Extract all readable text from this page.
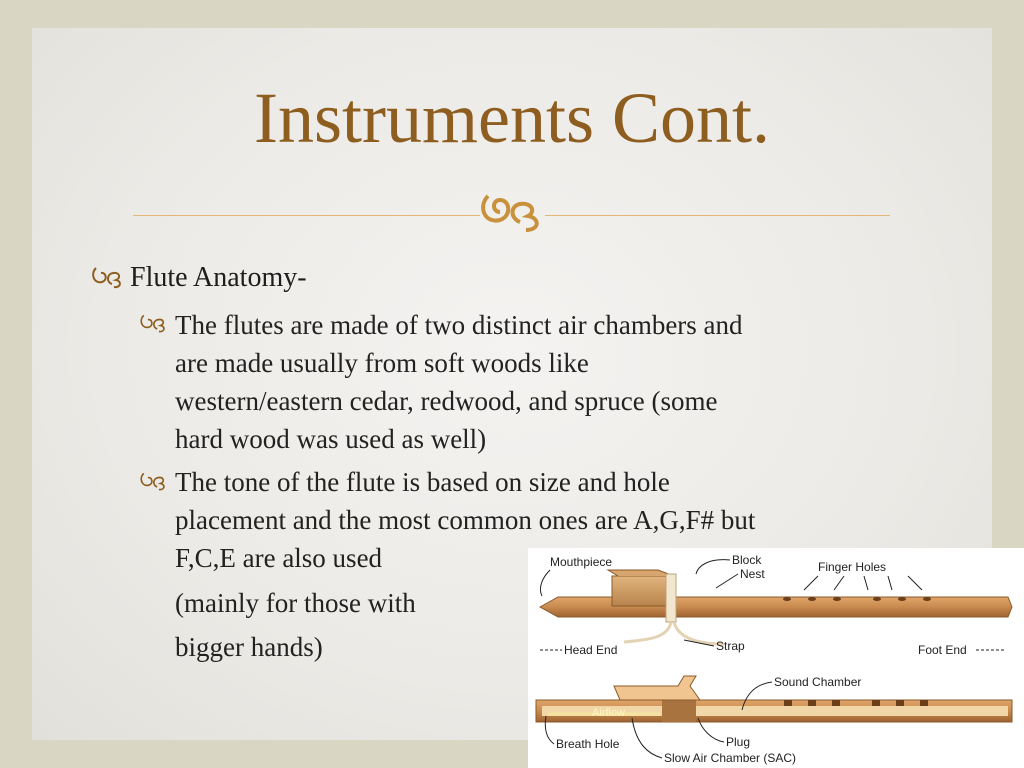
Instruments Cont.
Flute Anatomy-
The flutes are made of two distinct air chambers and
are made usually from soft woods like
western/eastern cedar, redwood, and spruce (some
hard wood was used as well)
The tone of the flute is based on size and hole
placement and the most common ones are A,G,F# but
F,C,E are also used
(mainly for those with
bigger hands)
Mouthpiece	Block
Nest	Finger Holes
Strap
Head End	Foot End
Airflow
Sound Chamber
Plug
Breath Hole
Slow Air Chamber (SAC)
